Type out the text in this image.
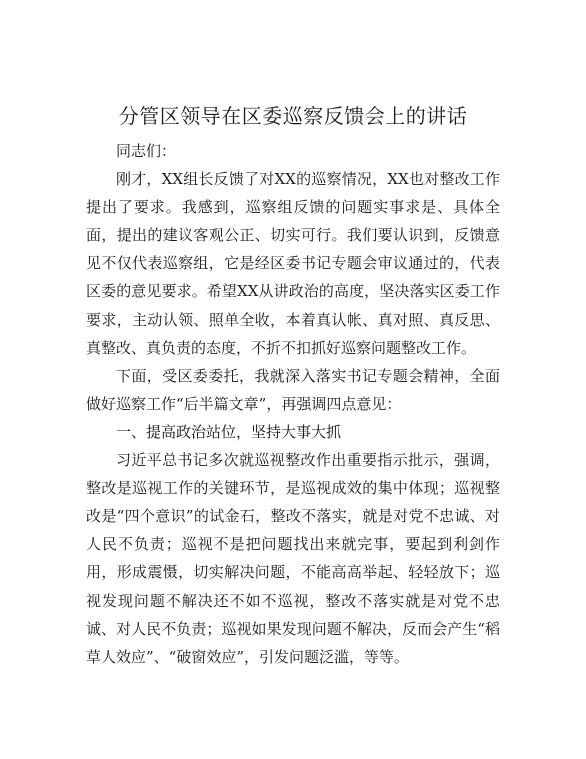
分管区领导在区委巡察反馈会上的讲话

同志们：

刚才，XX组长反馈了对XX的巡察情况，XX也对整改工作提出了要求。我感到，巡察组反馈的问题实事求是、具体全面，提出的建议客观公正、切实可行。我们要认识到，反馈意见不仅代表巡察组，它是经区委书记专题会审议通过的，代表区委的意见要求。希望XX从讲政治的高度，坚决落实区委工作要求，主动认领、照单全收，本着真认帐、真对照、真反思、真整改、真负责的态度，不折不扣抓好巡察问题整改工作。

下面，受区委委托，我就深入落实书记专题会精神，全面做好巡察工作“后半篇文章”，再强调四点意见：

一、提高政治站位，坚持大事大抓

习近平总书记多次就巡视整改作出重要指示批示，强调，整改是巡视工作的关键环节，是巡视成效的集中体现；巡视整改是“四个意识”的试金石，整改不落实，就是对党不忠诚、对人民不负责；巡视不是把问题找出来就完事，要起到利剑作用，形成震慑，切实解决问题，不能高高举起、轻轻放下；巡视发现问题不解决还不如不巡视，整改不落实就是对党不忠诚、对人民不负责；巡视如果发现问题不解决，反而会产生“稻草人效应”、“破窗效应”，引发问题泛滥，等等。
